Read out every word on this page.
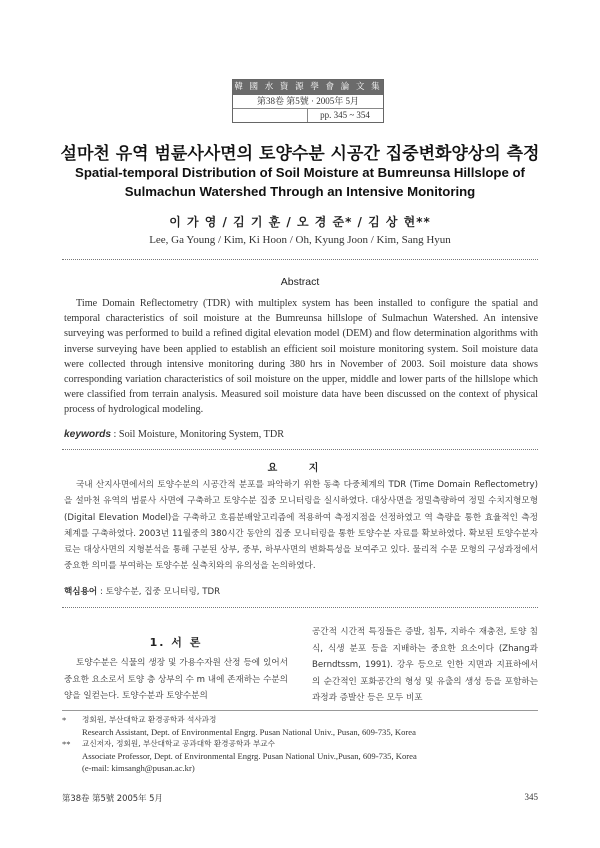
韓 國 水 資 源 學 會 論 文 集
第38卷 第5號 · 2005年 5月
pp. 345 ~ 354
설마천 유역 범륜사사면의 토양수분 시공간 집중변화양상의 측정
Spatial-temporal Distribution of Soil Moisture at Bumreunsa Hillslope of
Sulmachun Watershed Through an Intensive Monitoring
이 가 영 / 김 기 훈 / 오 경 준* / 김 상 현**
Lee, Ga Young / Kim, Ki Hoon / Oh, Kyung Joon / Kim, Sang Hyun
Abstract
Time Domain Reflectometry (TDR) with multiplex system has been installed to configure the spatial and temporal characteristics of soil moisture at the Bumreunsa hillslope of Sulmachun Watershed. An intensive surveying was performed to build a refined digital elevation model (DEM) and flow determination algorithms with inverse surveying have been applied to establish an efficient soil moisture monitoring system. Soil moisture data were collected through intensive monitoring during 380 hrs in November of 2003. Soil moisture data shows corresponding variation characteristics of soil moisture on the upper, middle and lower parts of the hillslope which were classified from terrain analysis. Measured soil moisture data have been discussed on the context of physical process of hydrological modeling.
keywords : Soil Moisture, Monitoring System, TDR
요 지
국내 산지사면에서의 토양수분의 시공간적 분포를 파악하기 위한 동축 다중체계의 TDR (Time Domain Reflectometry)을 설마천 유역의 범륜사 사면에 구축하고 토양수분 집중 모니터링을 실시하였다. 대상사면을 정밀측량하여 정밀 수치지형모형(Digital Elevation Model)을 구축하고 흐름분배알고리즘에 적용하여 측정지점을 선정하였고 역 측량을 통한 효율적인 측정 체계를 구축하였다. 2003년 11월중의 380시간 동안의 집중 모니터링을 통한 토양수분 자료를 확보하였다. 확보된 토양수분자료는 대상사면의 지형분석을 통해 구분된 상부, 중부, 하부사면의 변화특성을 보여주고 있다. 물리적 수문 모형의 구성과정에서 중요한 의미를 부여하는 토양수분 실측치와의 유의성을 논의하였다.
핵심용어 : 토양수분, 집중 모니터링, TDR
1. 서 론
토양수분은 식물의 생장 및 가용수자원 산정 등에 있어서 중요한 요소로서 토양 층 상부의 수 m 내에 존재하는 수분의 양을 일컫는다. 토양수분과 토양수분의
공간적 시간적 특징들은 증발, 침투, 지하수 재충전, 토양 침식, 식생 분포 등을 지배하는 중요한 요소이다 (Zhang과 Berndtssm, 1991). 강우 등으로 인한 지면과 지표하에서의 순간적인 포화공간의 형성 및 유출의 생성 등을 포함하는 과정과 증발산 등은 모두 비포
*	정회원, 부산대학교 환경공학과 석사과정
Research Assistant, Dept. of Environmental Engrg. Pusan National Univ., Pusan, 609-735, Korea
**	교신저자, 정회원, 부산대학교 공과대학 환경공학과 부교수
Associate Professor, Dept. of Environmental Engrg. Pusan National Univ.,Pusan, 609-735, Korea
(e-mail: kimsangh@pusan.ac.kr)
第38卷 第5號 2005年 5月	345
